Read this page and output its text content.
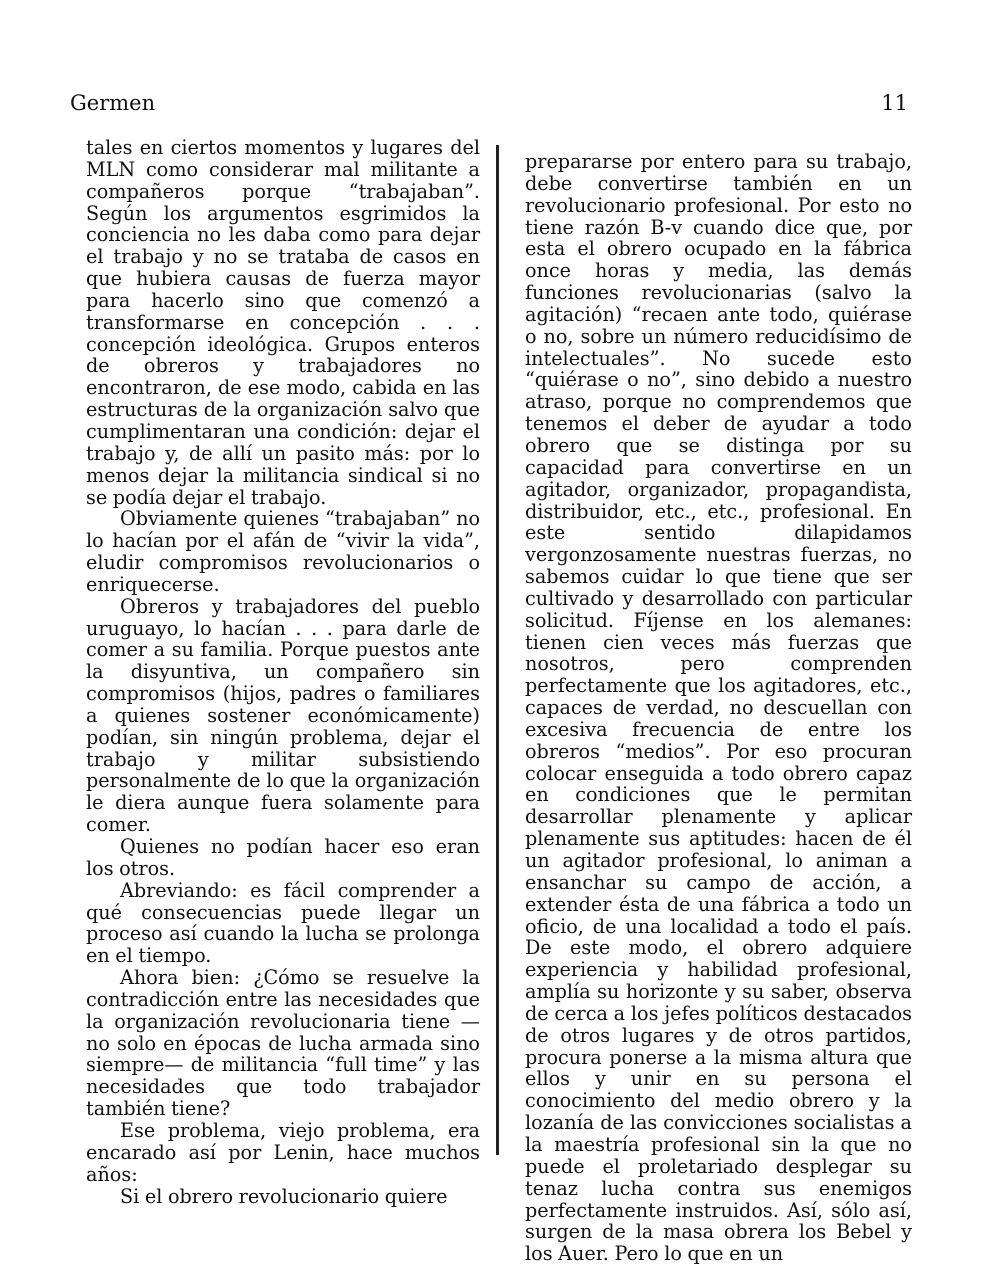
Germen	11

tales en ciertos momentos y lugares del MLN como considerar mal militante a compañeros porque “trabajaban”. Según los argumentos esgrimidos la conciencia no les daba como para dejar el trabajo y no se trataba de casos en que hubiera causas de fuerza mayor para hacerlo sino que comenzó a transformarse en concepción . . . concepción ideológica. Grupos enteros de obreros y trabajadores no encontraron, de ese modo, cabida en las estructuras de la organización salvo que cumplimentaran una condición: dejar el trabajo y, de allí un pasito más: por lo menos dejar la militancia sindical si no se podía dejar el trabajo.

Obviamente quienes “trabajaban” no lo hacían por el afán de “vivir la vida”, eludir compromisos revolucionarios o enriquecerse.

Obreros y trabajadores del pueblo uruguayo, lo hacían . . . para darle de comer a su familia. Porque puestos ante la disyuntiva, un compañero sin compromisos (hijos, padres o familiares a quienes sostener económicamente) podían, sin ningún problema, dejar el trabajo y militar subsistiendo personalmente de lo que la organización le diera aunque fuera solamente para comer.

Quienes no podían hacer eso eran los otros.

Abreviando: es fácil comprender a qué consecuencias puede llegar un proceso así cuando la lucha se prolonga en el tiempo.

Ahora bien: ¿Cómo se resuelve la contradicción entre las necesidades que la organización revolucionaria tiene —no solo en épocas de lucha armada sino siempre— de militancia “full time” y las necesidades que todo trabajador también tiene?

Ese problema, viejo problema, era encarado así por Lenin, hace muchos años:

Si el obrero revolucionario quiere

prepararse por entero para su trabajo, debe convertirse también en un revolucionario profesional. Por esto no tiene razón B-v cuando dice que, por esta el obrero ocupado en la fábrica once horas y media, las demás funciones revolucionarias (salvo la agitación) “recaen ante todo, quiérase o no, sobre un número reducidísimo de intelectuales”. No sucede esto “quiérase o no”, sino debido a nuestro atraso, porque no comprendemos que tenemos el deber de ayudar a todo obrero que se distinga por su capacidad para convertirse en un agitador, organizador, propagandista, distribuidor, etc., etc., profesional. En este sentido dilapidamos vergonzosamente nuestras fuerzas, no sabemos cuidar lo que tiene que ser cultivado y desarrollado con particular solicitud. Fíjense en los alemanes: tienen cien veces más fuerzas que nosotros, pero comprenden perfectamente que los agitadores, etc., capaces de verdad, no descuellan con excesiva frecuencia de entre los obreros “medios”. Por eso procuran colocar enseguida a todo obrero capaz en condiciones que le permitan desarrollar plenamente y aplicar plenamente sus aptitudes: hacen de él un agitador profesional, lo animan a ensanchar su campo de acción, a extender ésta de una fábrica a todo un oficio, de una localidad a todo el país. De este modo, el obrero adquiere experiencia y habilidad profesional, amplía su horizonte y su saber, observa de cerca a los jefes políticos destacados de otros lugares y de otros partidos, procura ponerse a la misma altura que ellos y unir en su persona el conocimiento del medio obrero y la lozanía de las convicciones socialistas a la maestría profesional sin la que no puede el proletariado desplegar su tenaz lucha contra sus enemigos perfectamente instruidos. Así, sólo así, surgen de la masa obrera los Bebel y los Auer. Pero lo que en un
